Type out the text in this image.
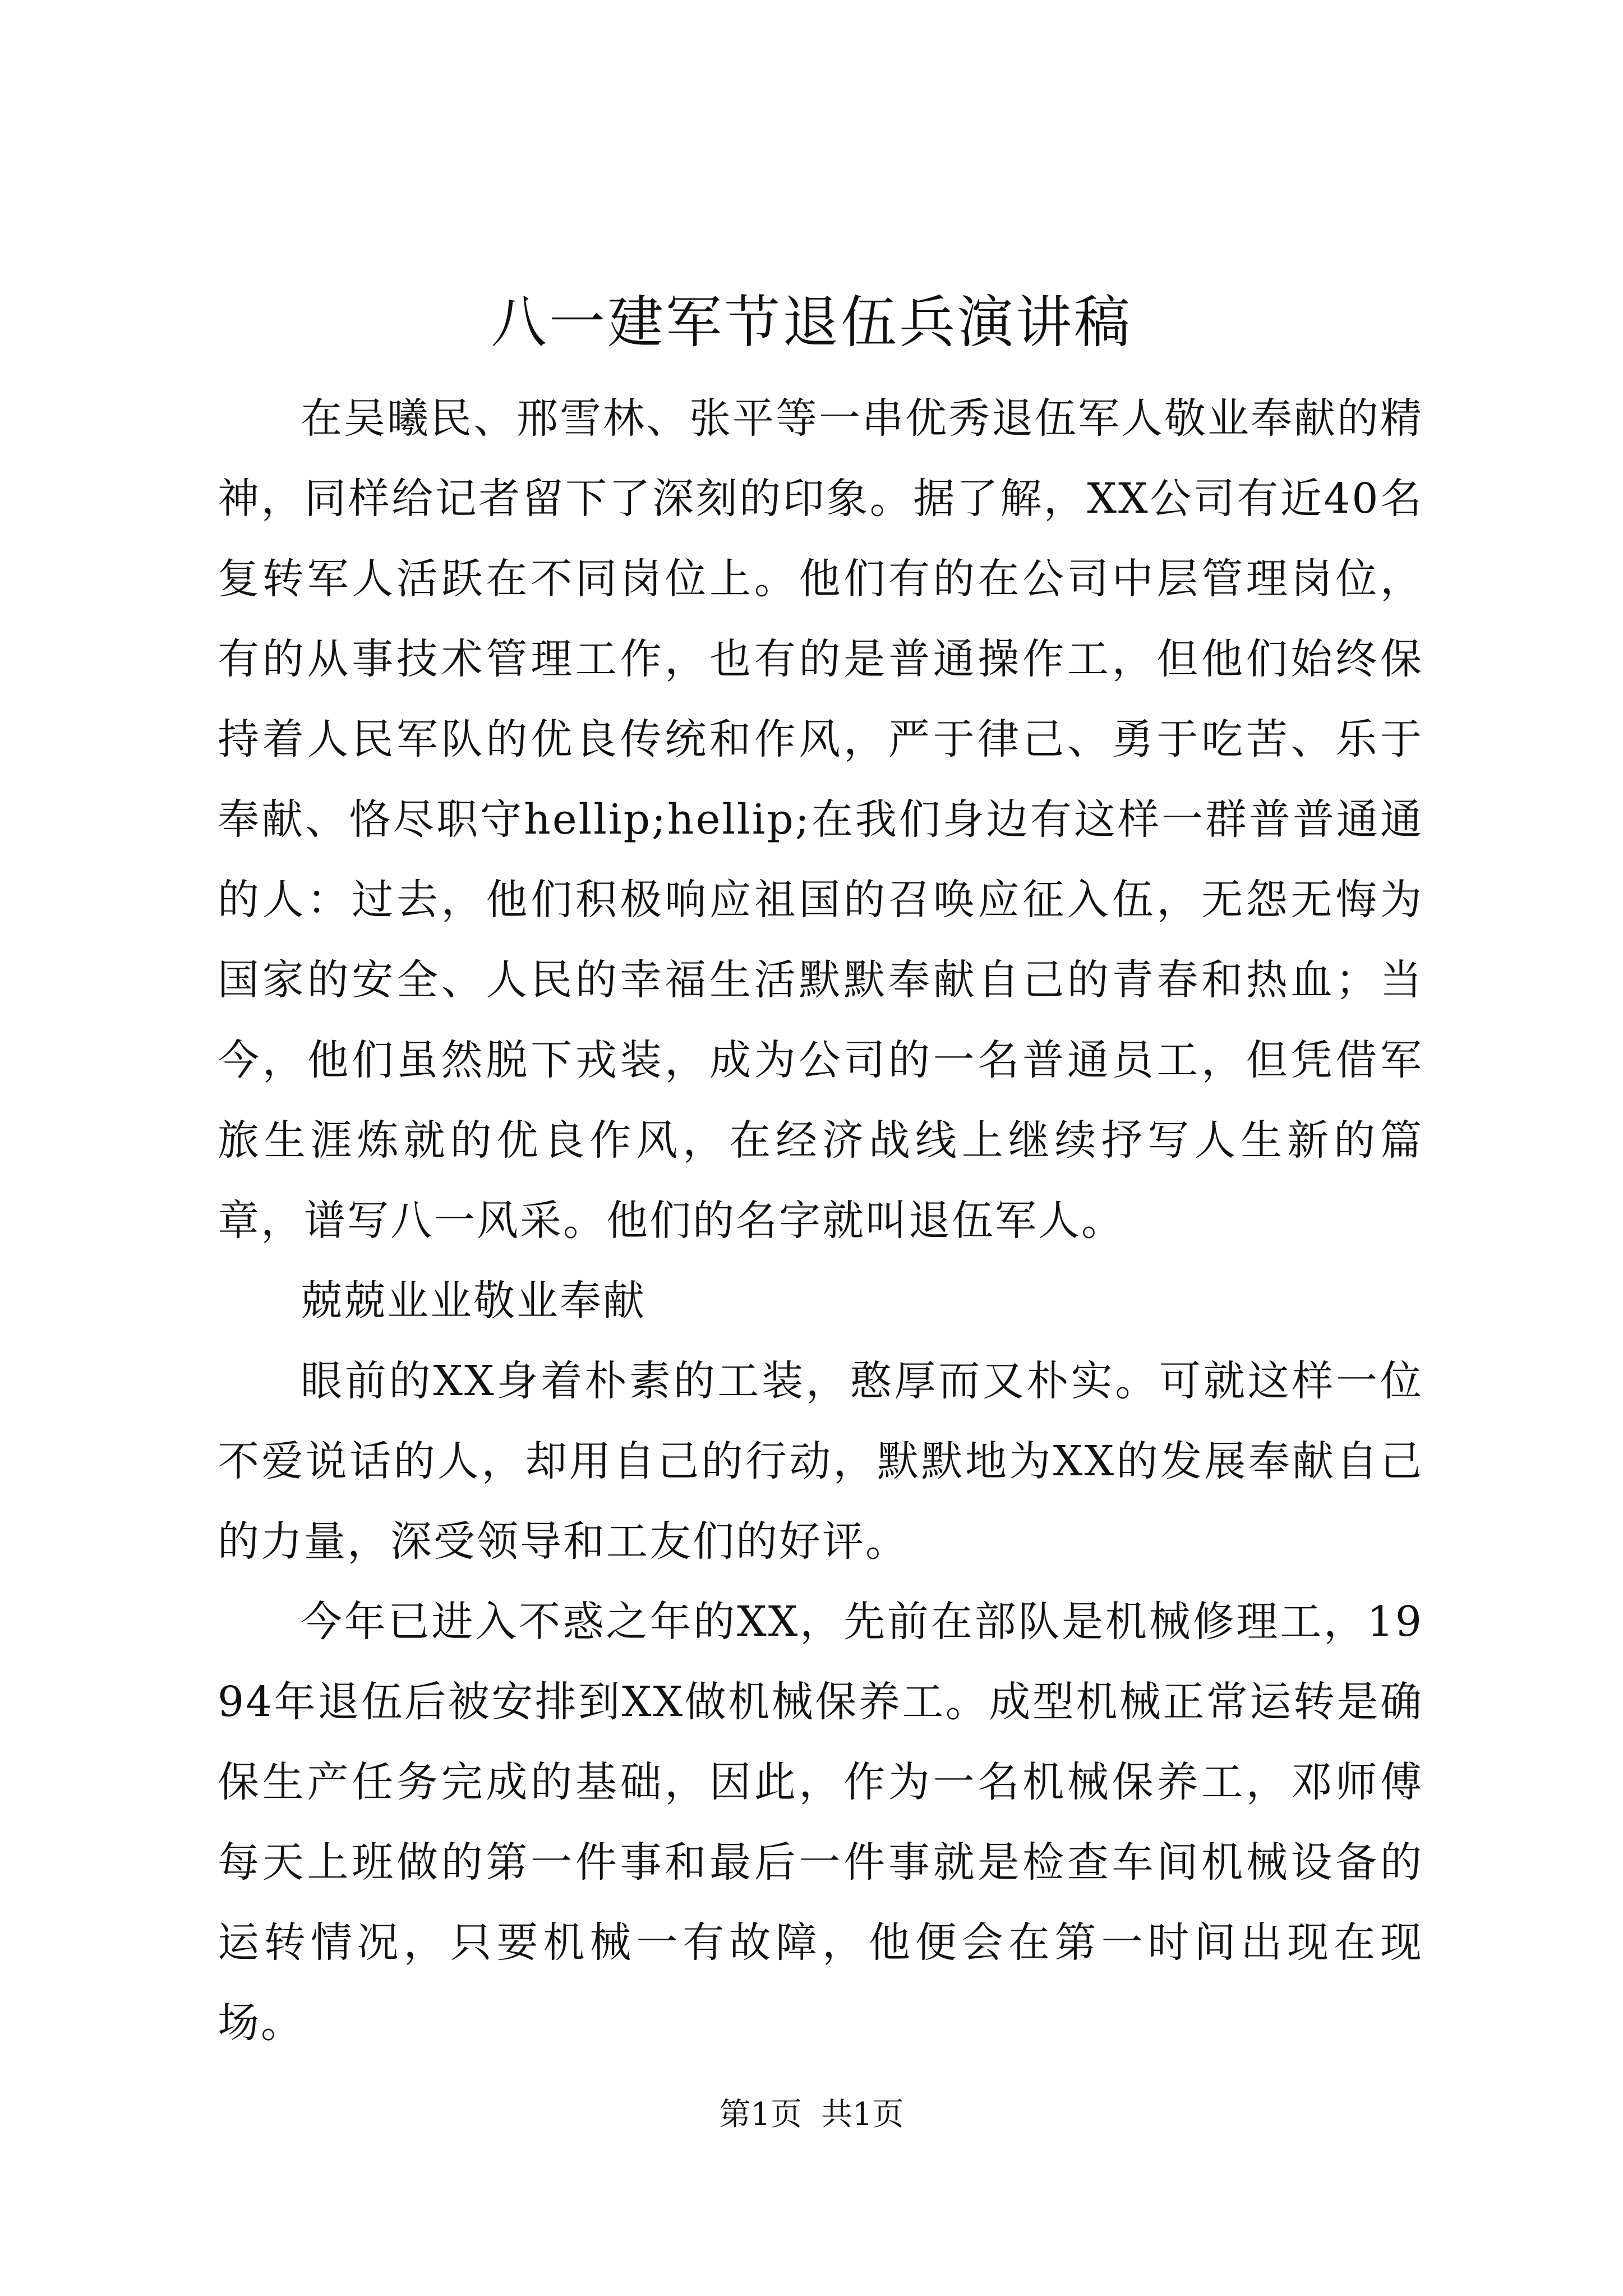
八一建军节退伍兵演讲稿

在吴曦民、邢雪林、张平等一串优秀退伍军人敬业奉献的精神，同样给记者留下了深刻的印象。据了解，XX公司有近40名复转军人活跃在不同岗位上。他们有的在公司中层管理岗位，有的从事技术管理工作，也有的是普通操作工，但他们始终保持着人民军队的优良传统和作风，严于律己、勇于吃苦、乐于奉献、恪尽职守hellip;hellip;在我们身边有这样一群普普通通的人：过去，他们积极响应祖国的召唤应征入伍，无怨无悔为国家的安全、人民的幸福生活默默奉献自己的青春和热血；当今，他们虽然脱下戎装，成为公司的一名普通员工，但凭借军旅生涯炼就的优良作风，在经济战线上继续抒写人生新的篇章，谱写八一风采。他们的名字就叫退伍军人。

兢兢业业敬业奉献

眼前的XX身着朴素的工装，憨厚而又朴实。可就这样一位不爱说话的人，却用自己的行动，默默地为XX的发展奉献自己的力量，深受领导和工友们的好评。

今年已进入不惑之年的XX，先前在部队是机械修理工，1994年退伍后被安排到XX做机械保养工。成型机械正常运转是确保生产任务完成的基础，因此，作为一名机械保养工，邓师傅每天上班做的第一件事和最后一件事就是检查车间机械设备的运转情况，只要机械一有故障，他便会在第一时间出现在现场。

第1页 共1页
